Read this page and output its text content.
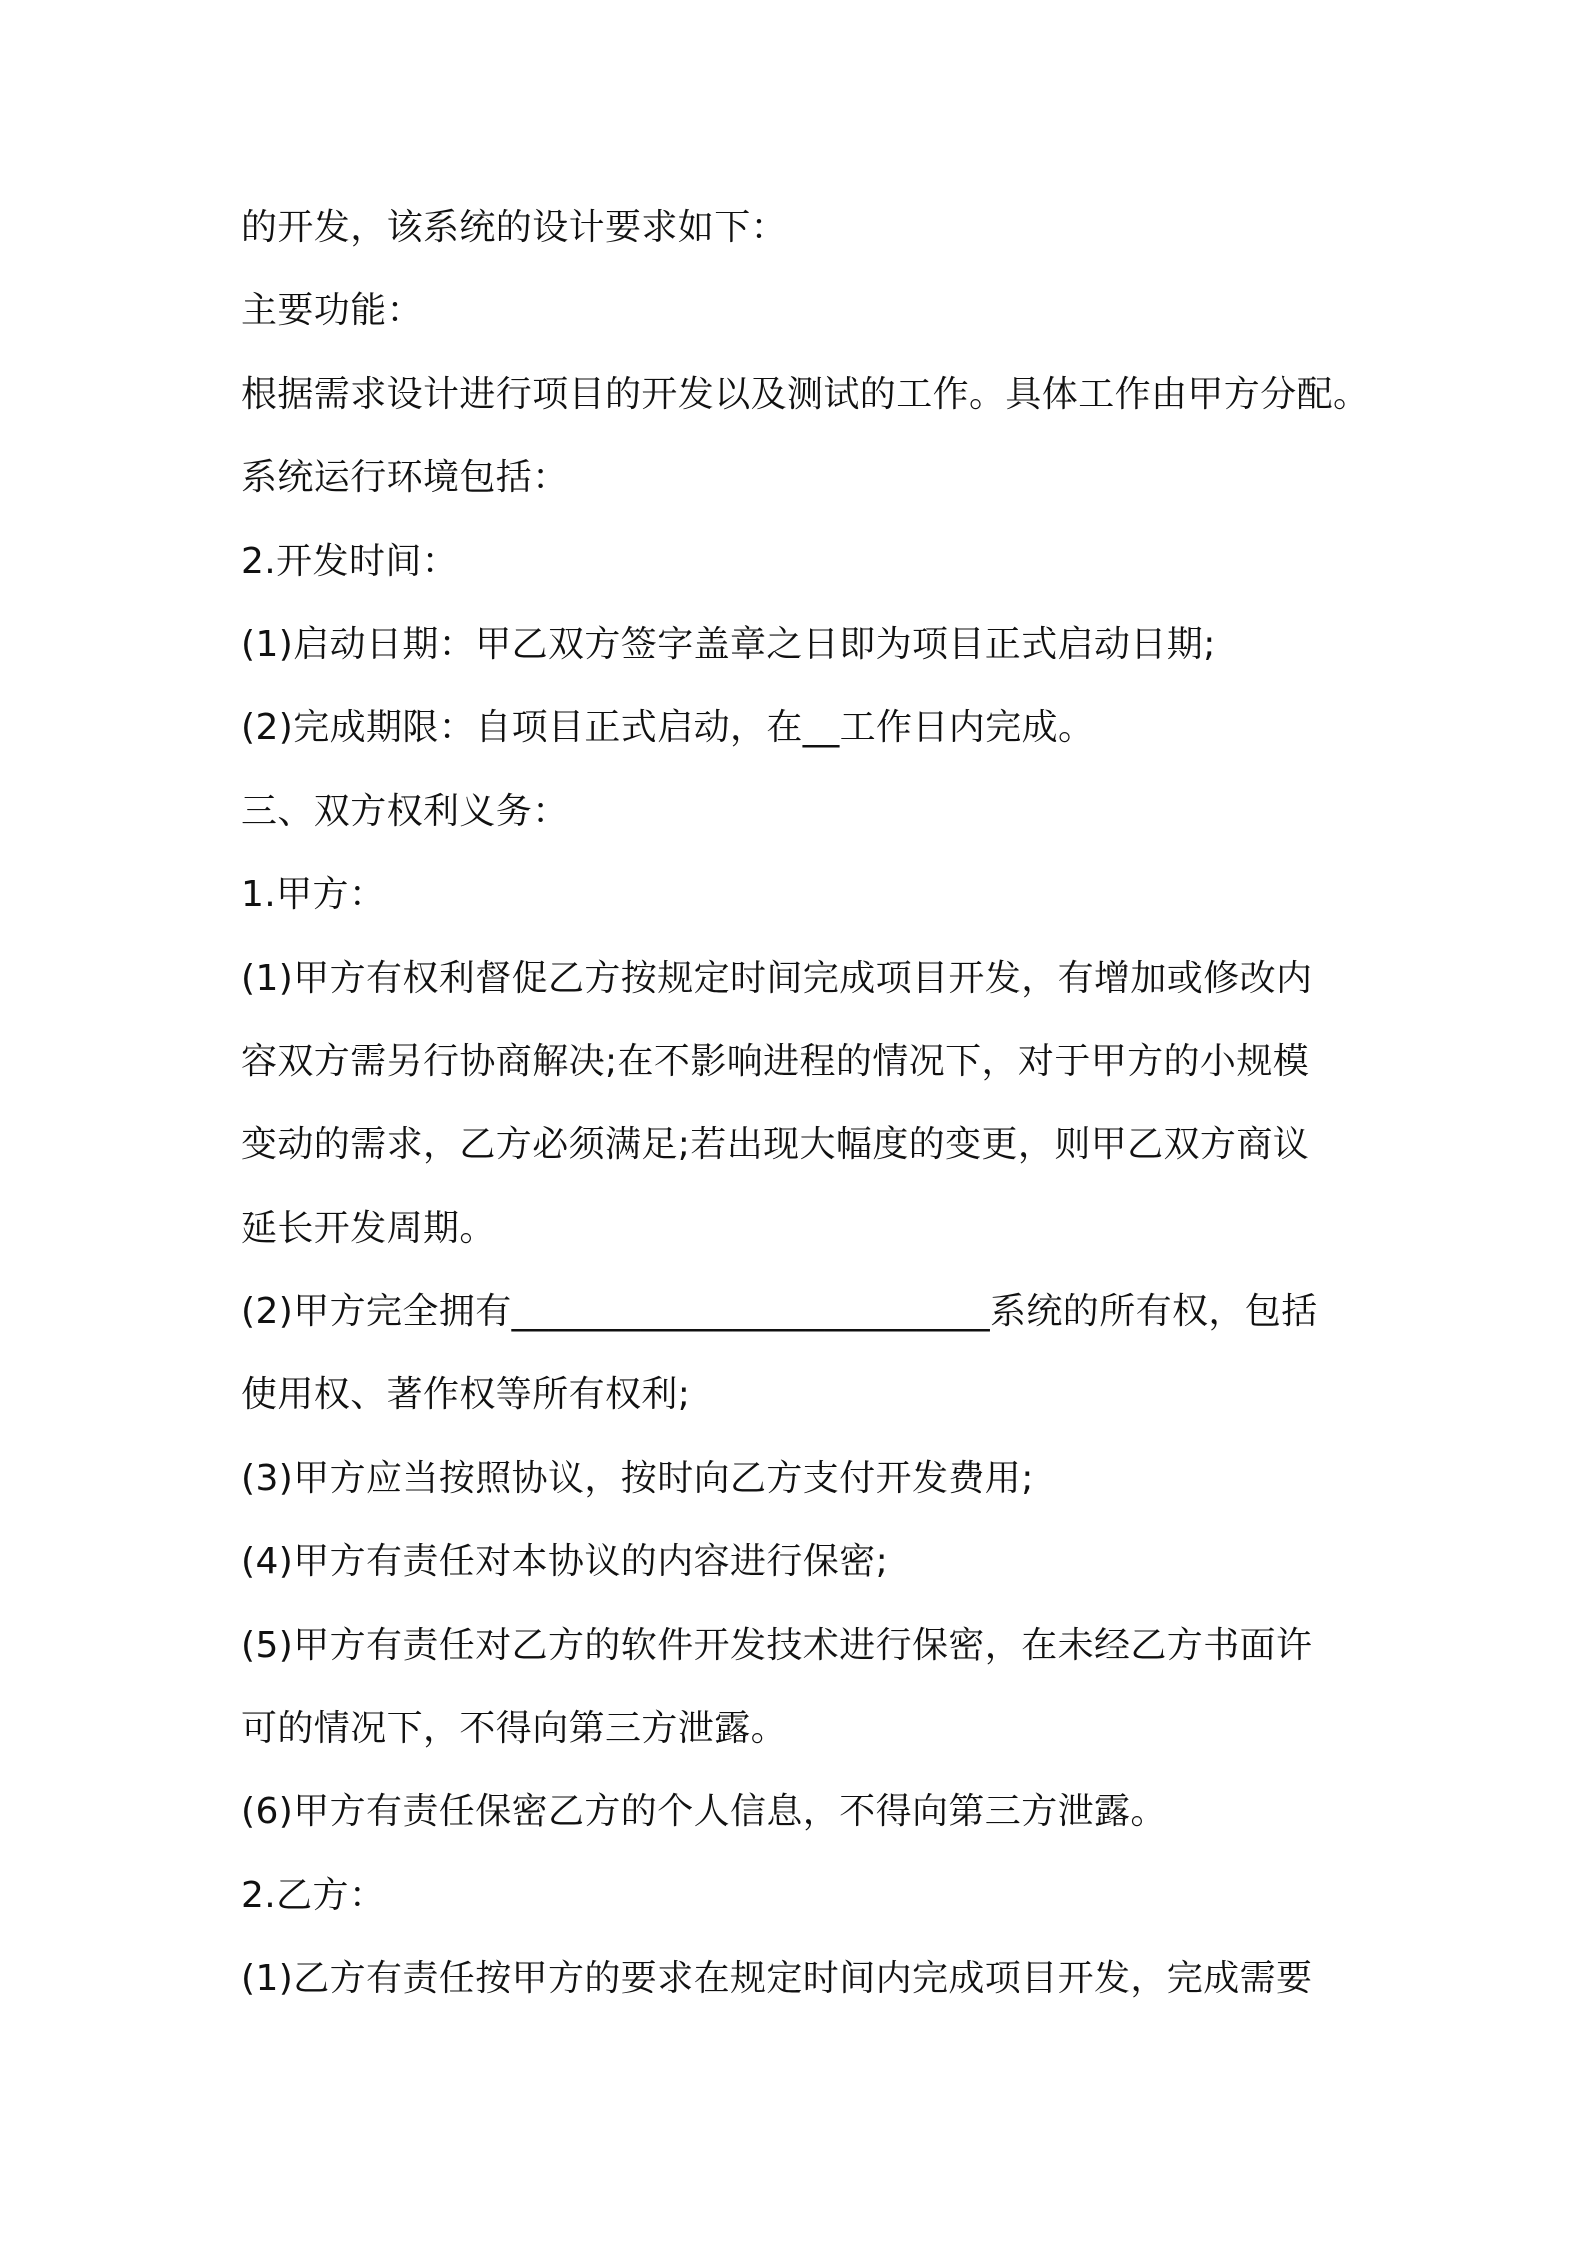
的开发，该系统的设计要求如下：
主要功能：
根据需求设计进行项目的开发以及测试的工作。具体工作由甲方分配。
系统运行环境包括：
2.开发时间：
(1)启动日期：甲乙双方签字盖章之日即为项目正式启动日期;
(2)完成期限：自项目正式启动，在__工作日内完成。
三、双方权利义务：
1.甲方：
(1)甲方有权利督促乙方按规定时间完成项目开发，有增加或修改内
容双方需另行协商解决;在不影响进程的情况下，对于甲方的小规模
变动的需求，乙方必须满足;若出现大幅度的变更，则甲乙双方商议
延长开发周期。
(2)甲方完全拥有__________________________系统的所有权，包括
使用权、著作权等所有权利;
(3)甲方应当按照协议，按时向乙方支付开发费用;
(4)甲方有责任对本协议的内容进行保密;
(5)甲方有责任对乙方的软件开发技术进行保密，在未经乙方书面许
可的情况下，不得向第三方泄露。
(6)甲方有责任保密乙方的个人信息，不得向第三方泄露。
2.乙方：
(1)乙方有责任按甲方的要求在规定时间内完成项目开发，完成需要
